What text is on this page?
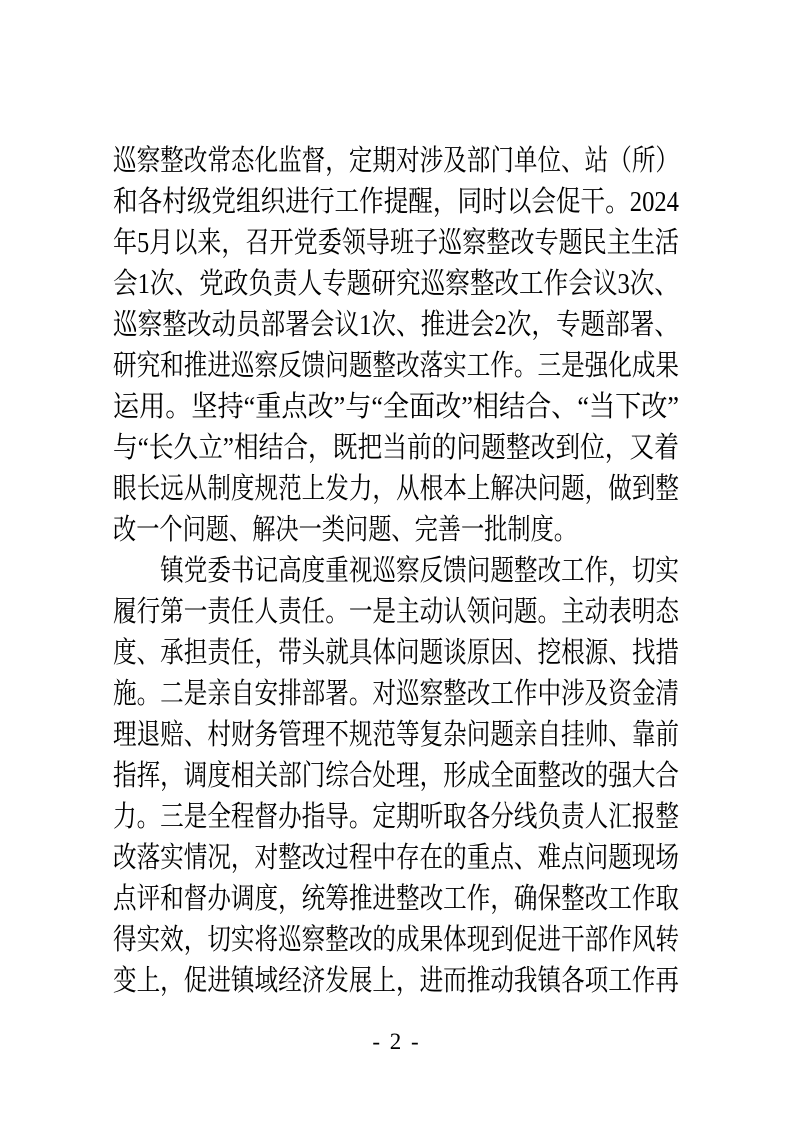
巡察整改常态化监督，定期对涉及部门单位、站（所）
和各村级党组织进行工作提醒，同时以会促干。2024
年5月以来，召开党委领导班子巡察整改专题民主生活
会1次、党政负责人专题研究巡察整改工作会议3次、
巡察整改动员部署会议1次、推进会2次，专题部署、
研究和推进巡察反馈问题整改落实工作。三是强化成果
运用。坚持“重点改”与“全面改”相结合、“当下改”
与“长久立”相结合，既把当前的问题整改到位，又着
眼长远从制度规范上发力，从根本上解决问题，做到整
改一个问题、解决一类问题、完善一批制度。
镇党委书记高度重视巡察反馈问题整改工作，切实
履行第一责任人责任。一是主动认领问题。主动表明态
度、承担责任，带头就具体问题谈原因、挖根源、找措
施。二是亲自安排部署。对巡察整改工作中涉及资金清
理退赔、村财务管理不规范等复杂问题亲自挂帅、靠前
指挥，调度相关部门综合处理，形成全面整改的强大合
力。三是全程督办指导。定期听取各分线负责人汇报整
改落实情况，对整改过程中存在的重点、难点问题现场
点评和督办调度，统筹推进整改工作，确保整改工作取
得实效，切实将巡察整改的成果体现到促进干部作风转
变上，促进镇域经济发展上，进而推动我镇各项工作再
- 2 -
